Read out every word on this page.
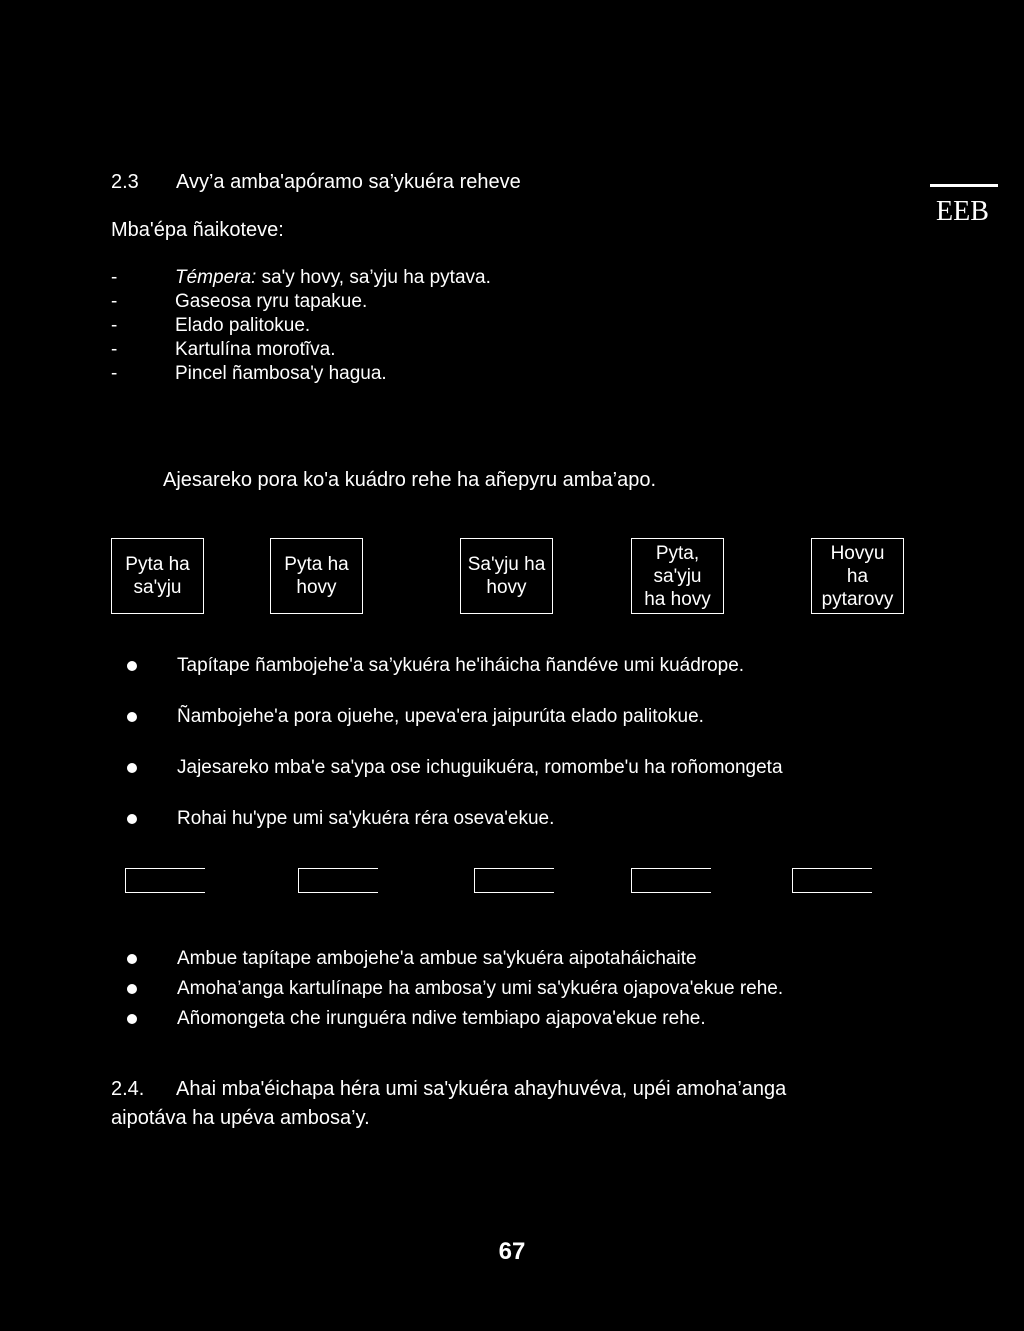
2.3 Avy’a amba'apóramo sa’ykuéra reheve
EEB
Mba'épa ñaikoteve:
-	Témpera: sa'y hovy, sa’yju ha pytava.
-	Gaseosa ryru tapakue.
-	Elado palitokue.
-	Kartulína morotĩva.
-	Pincel ñambosa'y hagua.
Ajesareko pora ko'a kuádro rehe ha añepyru amba’apo.
Pyta ha
sa'yju
Pyta ha
hovy
Sa'yju ha
hovy
Pyta,
sa'yju
ha hovy
Hovyu
ha
pytarovy
Tapítape ñambojehe'a sa’ykuéra he'iháicha ñandéve umi kuádrope.
Ñambojehe'a pora ojuehe, upeva'era jaipurúta elado palitokue.
Jajesareko mba'e sa'ypa ose ichuguikuéra, romombe'u ha roñomongeta
Rohai hu'ype umi sa'ykuéra réra oseva'ekue.
Ambue tapítape ambojehe'a ambue sa'ykuéra aipotaháichaite
Amoha’anga kartulínape ha ambosa’y umi sa'ykuéra ojapova'ekue rehe.
Añomongeta che irunguéra ndive tembiapo ajapova'ekue rehe.
2.4. Ahai mba'éichapa héra umi sa'ykuéra ahayhuvéva, upéi amoha’anga
aipotáva ha upéva ambosa’y.
67
